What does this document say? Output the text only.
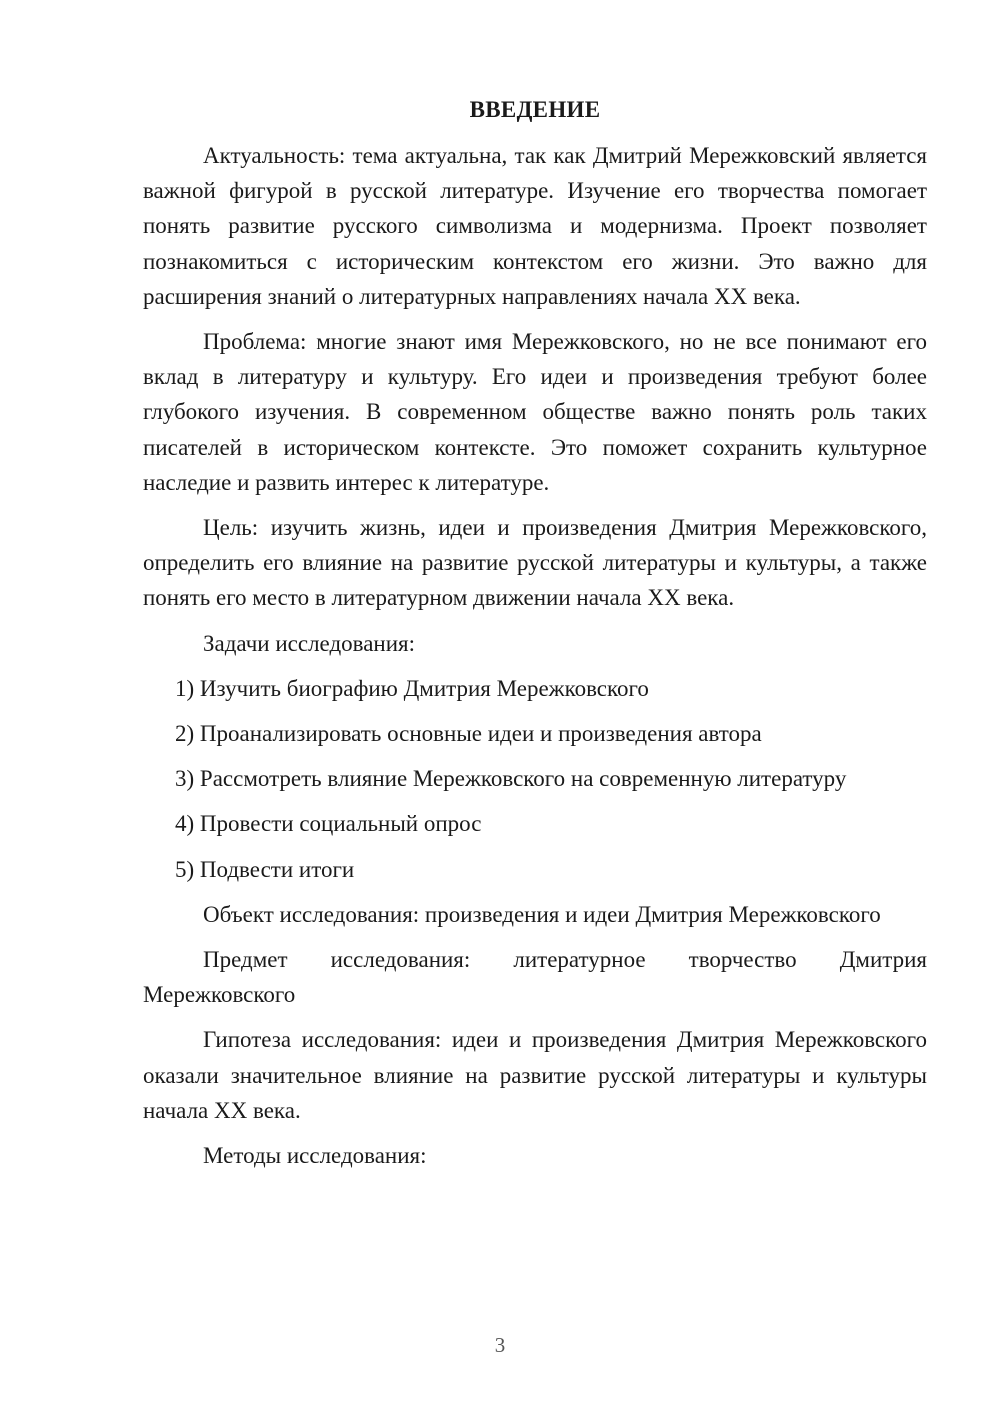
ВВЕДЕНИЕ

Актуальность: тема актуальна, так как Дмитрий Мережковский является важной фигурой в русской литературе. Изучение его творчества помогает понять развитие русского символизма и модернизма. Проект позволяет познакомиться с историческим контекстом его жизни. Это важно для расширения знаний о литературных направлениях начала XX века.

Проблема: многие знают имя Мережковского, но не все понимают его вклад в литературу и культуру. Его идеи и произведения требуют более глубокого изучения. В современном обществе важно понять роль таких писателей в историческом контексте. Это поможет сохранить культурное наследие и развить интерес к литературе.

Цель: изучить жизнь, идеи и произведения Дмитрия Мережковского, определить его влияние на развитие русской литературы и культуры, а также понять его место в литературном движении начала XX века.

Задачи исследования:

1) Изучить биографию Дмитрия Мережковского
2) Проанализировать основные идеи и произведения автора
3) Рассмотреть влияние Мережковского на современную литературу
4) Провести социальный опрос
5) Подвести итоги

Объект исследования: произведения и идеи Дмитрия Мережковского

Предмет исследования: литературное творчество Дмитрия Мережковского

Гипотеза исследования: идеи и произведения Дмитрия Мережковского оказали значительное влияние на развитие русской литературы и культуры начала XX века.

Методы исследования:

3
